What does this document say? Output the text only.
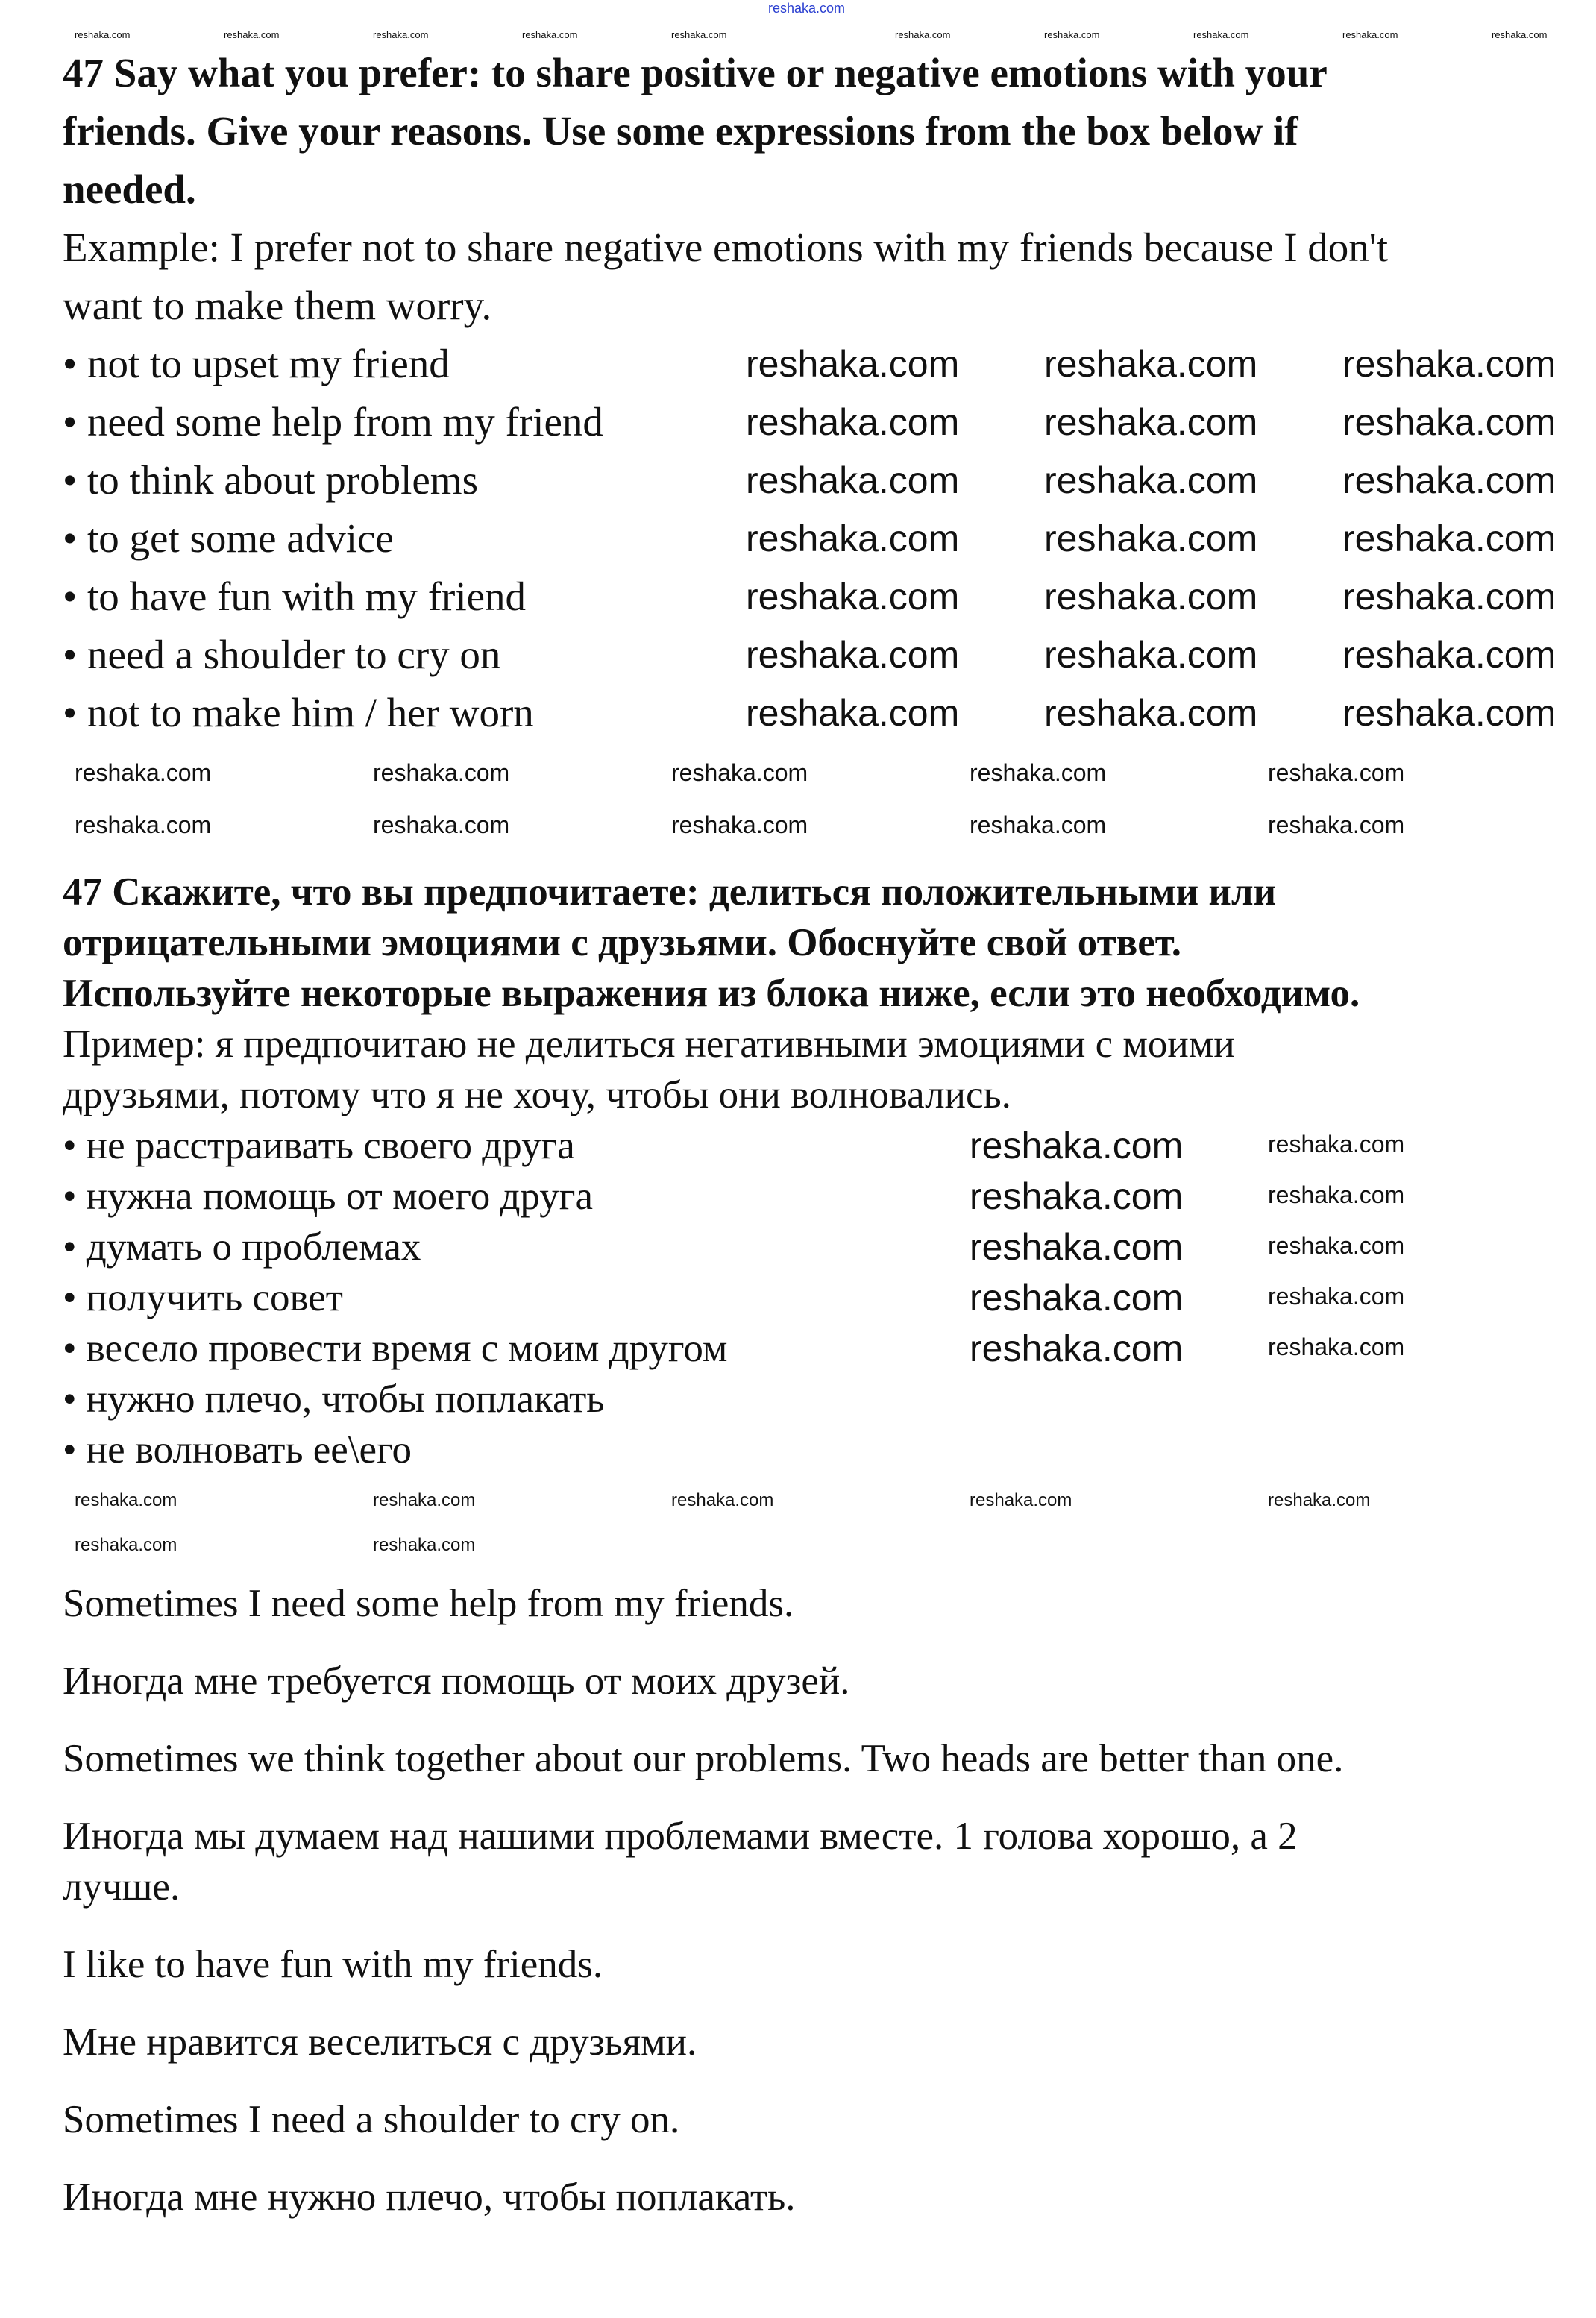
47 Say what you prefer: to share positive or negative emotions with your
friends. Give your reasons. Use some expressions from the box below if
needed.
Example: I prefer not to share negative emotions with my friends because I don't
want to make them worry.
• not to upset my friend
• need some help from my friend
• to think about problems
• to get some advice
• to have fun with my friend
• need a shoulder to cry on
• not to make him / her worn
47 Скажите, что вы предпочитаете: делиться положительными или
отрицательными эмоциями с друзьями. Обоснуйте свой ответ.
Используйте некоторые выражения из блока ниже, если это необходимо.
Пример: я предпочитаю не делиться негативными эмоциями с моими
друзьями, потому что я не хочу, чтобы они волновались.
• не расстраивать своего друга
• нужна помощь от моего друга
• думать о проблемах
• получить совет
• весело провести время с моим другом
• нужно плечо, чтобы поплакать
• не волновать ее\его
Sometimes I need some help from my friends.
Иногда мне требуется помощь от моих друзей.
Sometimes we think together about our problems. Two heads are better than one.
Иногда мы думаем над нашими проблемами вместе. 1 голова хорошо, а 2
лучше.
I like to have fun with my friends.
Мне нравится веселиться с друзьями.
Sometimes I need a shoulder to cry on.
Иногда мне нужно плечо, чтобы поплакать.
reshaka.com
reshaka.com	reshaka.com	reshaka.com	reshaka.com	reshaka.com	reshaka.com	reshaka.com	reshaka.com	reshaka.com	reshaka.com
reshaka.com reshaka.com reshaka.com
reshaka.com reshaka.com reshaka.com
reshaka.com reshaka.com reshaka.com
reshaka.com reshaka.com reshaka.com
reshaka.com reshaka.com reshaka.com
reshaka.com reshaka.com reshaka.com
reshaka.com reshaka.com reshaka.com
reshaka.com
reshaka.com
reshaka.com
reshaka.com
reshaka.com
reshaka.com	reshaka.com	reshaka.com	reshaka.com	reshaka.com
reshaka.com	reshaka.com	reshaka.com	reshaka.com	reshaka.com
reshaka.com
reshaka.com
reshaka.com
reshaka.com
reshaka.com
reshaka.com	reshaka.com	reshaka.com	reshaka.com	reshaka.com
reshaka.com	reshaka.com
